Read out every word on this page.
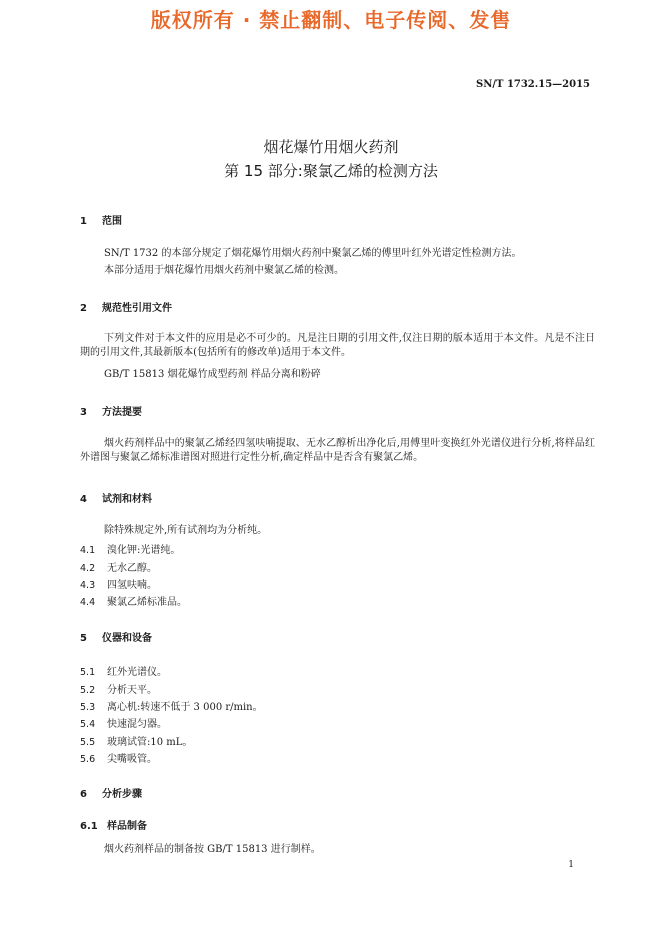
版权所有 · 禁止翻制、电子传阅、发售
SN/T 1732.15—2015
烟花爆竹用烟火药剂
第 15 部分:聚氯乙烯的检测方法
1 范围
SN/T 1732 的本部分规定了烟花爆竹用烟火药剂中聚氯乙烯的傅里叶红外光谱定性检测方法。
本部分适用于烟花爆竹用烟火药剂中聚氯乙烯的检测。
2 规范性引用文件
下列文件对于本文件的应用是必不可少的。凡是注日期的引用文件,仅注日期的版本适用于本文件。凡是不注日期的引用文件,其最新版本(包括所有的修改单)适用于本文件。
GB/T 15813 烟花爆竹成型药剂 样品分离和粉碎
3 方法提要
烟火药剂样品中的聚氯乙烯经四氢呋喃提取、无水乙醇析出净化后,用傅里叶变换红外光谱仪进行分析,将样品红外谱图与聚氯乙烯标准谱图对照进行定性分析,确定样品中是否含有聚氯乙烯。
4 试剂和材料
除特殊规定外,所有试剂均为分析纯。
4.1 溴化钾:光谱纯。
4.2 无水乙醇。
4.3 四氢呋喃。
4.4 聚氯乙烯标准品。
5 仪器和设备
5.1 红外光谱仪。
5.2 分析天平。
5.3 离心机:转速不低于 3 000 r/min。
5.4 快速混匀器。
5.5 玻璃试管:10 mL。
5.6 尖嘴吸管。
6 分析步骤
6.1 样品制备
烟火药剂样品的制备按 GB/T 15813 进行制样。
1
